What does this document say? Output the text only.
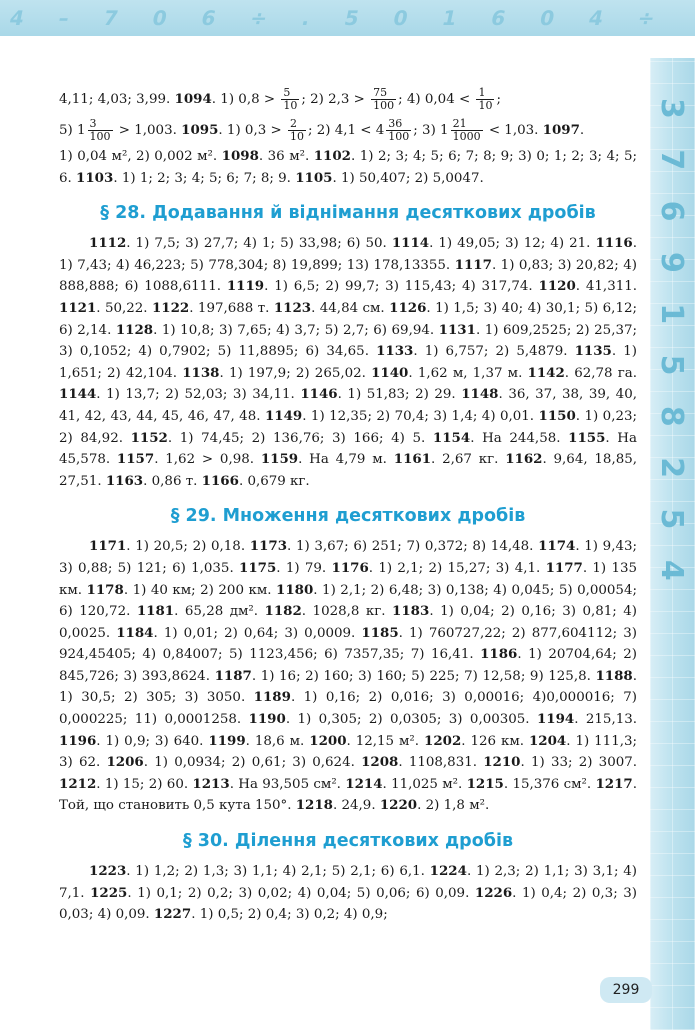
4 – 7 0 6 ÷ . 5 0 1 6 0 4 ÷
3 7 6 9 1 5 8 2 5 4

4,11; 4,03; 3,99. 1094. 1) $0,8 > \frac{5}{10}$ ; 2) $2,3 > \frac{75}{100}$ ; 4) $0,04 < \frac{1}{10}$ ;

5) $1 \frac{3}{100} > 1,003$. 1095. 1) $0,3 > \frac{2}{10}$ ; 2) $4,1 < 4 \frac{36}{100}$ ; 3) $1 \frac{21}{1000} < 1,03$. 1097.

1) 0,04 м², 2) 0,002 м². 1098. 36 м². 1102. 1) 2; 3; 4; 5; 6; 7; 8; 9; 3) 0; 1; 2; 3; 4; 5; 6. 1103. 1) 1; 2; 3; 4; 5; 6; 7; 8; 9. 1105. 1) 50,407; 2) 5,0047.

§ 28. Додавання й віднімання десяткових дробів

1112. 1) 7,5; 3) 27,7; 4) 1; 5) 33,98; 6) 50. 1114. 1) 49,05; 3) 12; 4) 21. 1116. 1) 7,43; 4) 46,223; 5) 778,304; 8) 19,899; 13) 178,13355. 1117. 1) 0,83; 3) 20,82; 4) 888,888; 6) 1088,6111. 1119. 1) 6,5; 2) 99,7; 3) 115,43; 4) 317,74. 1120. 41,311. 1121. 50,22. 1122. 197,688 т. 1123. 44,84 см. 1126. 1) 1,5; 3) 40; 4) 30,1; 5) 6,12; 6) 2,14. 1128. 1) 10,8; 3) 7,65; 4) 3,7; 5) 2,7; 6) 69,94. 1131. 1) 609,2525; 2) 25,37; 3) 0,1052; 4) 0,7902; 5) 11,8895; 6) 34,65. 1133. 1) 6,757; 2) 5,4879. 1135. 1) 1,651; 2) 42,104. 1138. 1) 197,9; 2) 265,02. 1140. 1,62 м, 1,37 м. 1142. 62,78 га. 1144. 1) 13,7; 2) 52,03; 3) 34,11. 1146. 1) 51,83; 2) 29. 1148. 36, 37, 38, 39, 40, 41, 42, 43, 44, 45, 46, 47, 48. 1149. 1) 12,35; 2) 70,4; 3) 1,4; 4) 0,01. 1150. 1) 0,23; 2) 84,92. 1152. 1) 74,45; 2) 136,76; 3) 166; 4) 5. 1154. На 244,58. 1155. На 45,578. 1157. 1,62 > 0,98. 1159. На 4,79 м. 1161. 2,67 кг. 1162. 9,64, 18,85, 27,51. 1163. 0,86 т. 1166. 0,679 кг.

§ 29. Множення десяткових дробів

1171. 1) 20,5; 2) 0,18. 1173. 1) 3,67; 6) 251; 7) 0,372; 8) 14,48. 1174. 1) 9,43; 3) 0,88; 5) 121; 6) 1,035. 1175. 1) 79. 1176. 1) 2,1; 2) 15,27; 3) 4,1. 1177. 1) 135 км. 1178. 1) 40 км; 2) 200 км. 1180. 1) 2,1; 2) 6,48; 3) 0,138; 4) 0,045; 5) 0,00054; 6) 120,72. 1181. 65,28 дм². 1182. 1028,8 кг. 1183. 1) 0,04; 2) 0,16; 3) 0,81; 4) 0,0025. 1184. 1) 0,01; 2) 0,64; 3) 0,0009. 1185. 1) 760727,22; 2) 877,604112; 3) 924,45405; 4) 0,84007; 5) 1123,456; 6) 7357,35; 7) 16,41. 1186. 1) 20704,64; 2) 845,726; 3) 393,8624. 1187. 1) 16; 2) 160; 3) 160; 5) 225; 7) 12,58; 9) 125,8. 1188. 1) 30,5; 2) 305; 3) 3050. 1189. 1) 0,16; 2) 0,016; 3) 0,00016; 4)0,000016; 7) 0,000225; 11) 0,0001258. 1190. 1) 0,305; 2) 0,0305; 3) 0,00305. 1194. 215,13. 1196. 1) 0,9; 3) 640. 1199. 18,6 м. 1200. 12,15 м². 1202. 126 км. 1204. 1) 111,3; 3) 62. 1206. 1) 0,0934; 2) 0,61; 3) 0,624. 1208. 1108,831. 1210. 1) 33; 2) 3007. 1212. 1) 15; 2) 60. 1213. На 93,505 см². 1214. 11,025 м². 1215. 15,376 см². 1217. Той, що становить 0,5 кута 150°. 1218. 24,9. 1220. 2) 1,8 м².

§ 30. Ділення десяткових дробів

1223. 1) 1,2; 2) 1,3; 3) 1,1; 4) 2,1; 5) 2,1; 6) 6,1. 1224. 1) 2,3; 2) 1,1; 3) 3,1; 4) 7,1. 1225. 1) 0,1; 2) 0,2; 3) 0,02; 4) 0,04; 5) 0,06; 6) 0,09. 1226. 1) 0,4; 2) 0,3; 3) 0,03; 4) 0,09. 1227. 1) 0,5; 2) 0,4; 3) 0,2; 4) 0,9;

299
